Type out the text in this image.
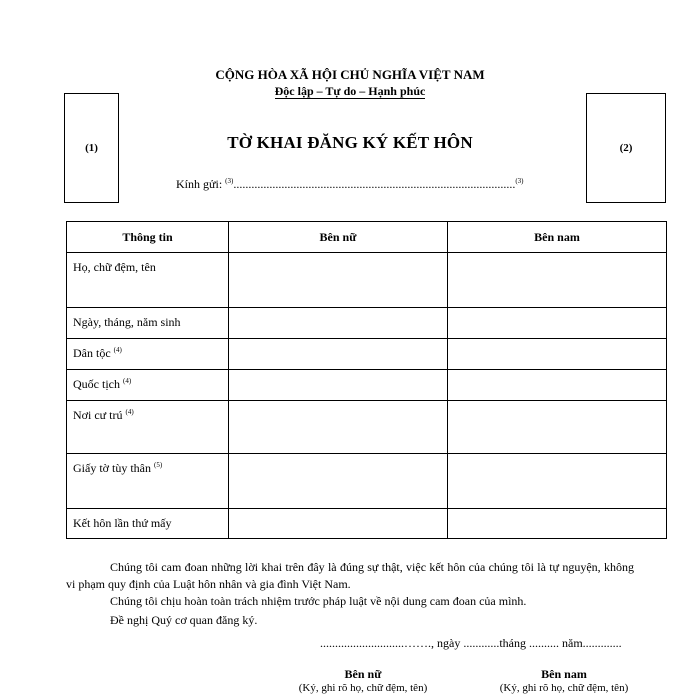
(1)	(2)
CỘNG HÒA XÃ HỘI CHỦ NGHĨA VIỆT NAM
Độc lập – Tự do – Hạnh phúc
TỜ KHAI ĐĂNG KÝ KẾT HÔN
Kính gửi: $^{(3)}$..............................................................................................$^{(3)}$
Thông tin	Bên nữ	Bên nam
Họ, chữ đệm, tên		
Ngày, tháng, năm sinh		
Dân tộc $^{(4)}$		
Quốc tịch $^{(4)}$		
Nơi cư trú $^{(4)}$		
Giấy tờ tùy thân $^{(5)}$		
Kết hôn lần thứ mấy		
Chúng tôi cam đoan những lời khai trên đây là đúng sự thật, việc kết hôn của chúng tôi là tự nguyện, không vi phạm quy định của Luật hôn nhân và gia đình Việt Nam.
Chúng tôi chịu hoàn toàn trách nhiệm trước pháp luật về nội dung cam đoan của mình.
Đề nghị Quý cơ quan đăng ký.
............................……., ngày ............tháng .......... năm.............
Bên nữ
(Ký, ghi rõ họ, chữ đệm, tên)
Bên nam
(Ký, ghi rõ họ, chữ đệm, tên)
